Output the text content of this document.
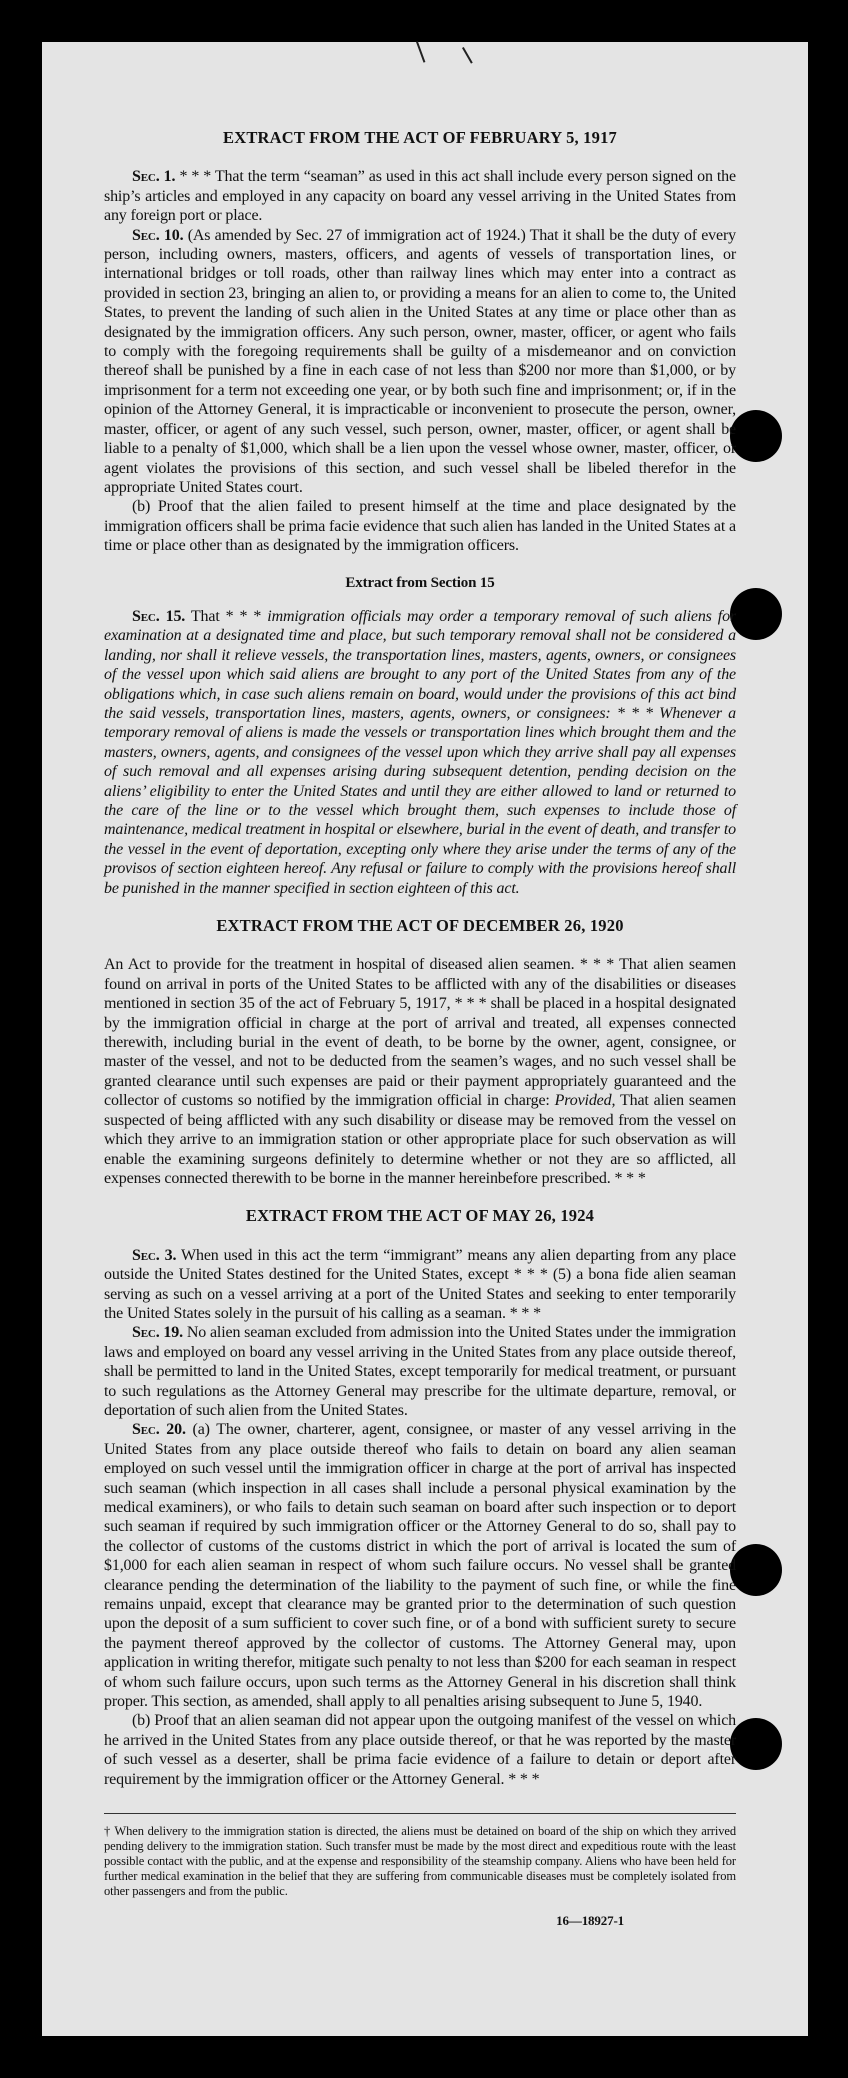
EXTRACT FROM THE ACT OF FEBRUARY 5, 1917

Sec. 1. * * * That the term “seaman” as used in this act shall include every person signed on the ship’s articles and employed in any capacity on board any vessel arriving in the United States from any foreign port or place.

Sec. 10. (As amended by Sec. 27 of immigration act of 1924.) That it shall be the duty of every person, including owners, masters, officers, and agents of vessels of transportation lines, or international bridges or toll roads, other than railway lines which may enter into a contract as provided in section 23, bringing an alien to, or providing a means for an alien to come to, the United States, to prevent the landing of such alien in the United States at any time or place other than as designated by the immigration officers. Any such person, owner, master, officer, or agent who fails to comply with the foregoing requirements shall be guilty of a misdemeanor and on conviction thereof shall be punished by a fine in each case of not less than $200 nor more than $1,000, or by imprisonment for a term not exceeding one year, or by both such fine and imprisonment; or, if in the opinion of the Attorney General, it is impracticable or inconvenient to prosecute the person, owner, master, officer, or agent of any such vessel, such person, owner, master, officer, or agent shall be liable to a penalty of $1,000, which shall be a lien upon the vessel whose owner, master, officer, or agent violates the provisions of this section, and such vessel shall be libeled therefor in the appropriate United States court.

(b) Proof that the alien failed to present himself at the time and place designated by the immigration officers shall be prima facie evidence that such alien has landed in the United States at a time or place other than as designated by the immigration officers.

Extract from Section 15

Sec. 15. That * * * immigration officials may order a temporary removal of such aliens for examination at a designated time and place, but such temporary removal shall not be considered a landing, nor shall it relieve vessels, the transportation lines, masters, agents, owners, or consignees of the vessel upon which said aliens are brought to any port of the United States from any of the obligations which, in case such aliens remain on board, would under the provisions of this act bind the said vessels, transportation lines, masters, agents, owners, or consignees: * * * Whenever a temporary removal of aliens is made the vessels or transportation lines which brought them and the masters, owners, agents, and consignees of the vessel upon which they arrive shall pay all expenses of such removal and all expenses arising during subsequent detention, pending decision on the aliens’ eligibility to enter the United States and until they are either allowed to land or returned to the care of the line or to the vessel which brought them, such expenses to include those of maintenance, medical treatment in hospital or elsewhere, burial in the event of death, and transfer to the vessel in the event of deportation, excepting only where they arise under the terms of any of the provisos of section eighteen hereof. Any refusal or failure to comply with the provisions hereof shall be punished in the manner specified in section eighteen of this act.

EXTRACT FROM THE ACT OF DECEMBER 26, 1920

An Act to provide for the treatment in hospital of diseased alien seamen. * * * That alien seamen found on arrival in ports of the United States to be afflicted with any of the disabilities or diseases mentioned in section 35 of the act of February 5, 1917, * * * shall be placed in a hospital designated by the immigration official in charge at the port of arrival and treated, all expenses connected therewith, including burial in the event of death, to be borne by the owner, agent, consignee, or master of the vessel, and not to be deducted from the seamen’s wages, and no such vessel shall be granted clearance until such expenses are paid or their payment appropriately guaranteed and the collector of customs so notified by the immigration official in charge: Provided, That alien seamen suspected of being afflicted with any such disability or disease may be removed from the vessel on which they arrive to an immigration station or other appropriate place for such observation as will enable the examining surgeons definitely to determine whether or not they are so afflicted, all expenses connected therewith to be borne in the manner hereinbefore prescribed. * * *

EXTRACT FROM THE ACT OF MAY 26, 1924

Sec. 3. When used in this act the term “immigrant” means any alien departing from any place outside the United States destined for the United States, except * * * (5) a bona fide alien seaman serving as such on a vessel arriving at a port of the United States and seeking to enter temporarily the United States solely in the pursuit of his calling as a seaman. * * *

Sec. 19. No alien seaman excluded from admission into the United States under the immigration laws and employed on board any vessel arriving in the United States from any place outside thereof, shall be permitted to land in the United States, except temporarily for medical treatment, or pursuant to such regulations as the Attorney General may prescribe for the ultimate departure, removal, or deportation of such alien from the United States.

Sec. 20. (a) The owner, charterer, agent, consignee, or master of any vessel arriving in the United States from any place outside thereof who fails to detain on board any alien seaman employed on such vessel until the immigration officer in charge at the port of arrival has inspected such seaman (which inspection in all cases shall include a personal physical examination by the medical examiners), or who fails to detain such seaman on board after such inspection or to deport such seaman if required by such immigration officer or the Attorney General to do so, shall pay to the collector of customs of the customs district in which the port of arrival is located the sum of $1,000 for each alien seaman in respect of whom such failure occurs. No vessel shall be granted clearance pending the determination of the liability to the payment of such fine, or while the fine remains unpaid, except that clearance may be granted prior to the determination of such question upon the deposit of a sum sufficient to cover such fine, or of a bond with sufficient surety to secure the payment thereof approved by the collector of customs. The Attorney General may, upon application in writing therefor, mitigate such penalty to not less than $200 for each seaman in respect of whom such failure occurs, upon such terms as the Attorney General in his discretion shall think proper. This section, as amended, shall apply to all penalties arising subsequent to June 5, 1940.

(b) Proof that an alien seaman did not appear upon the outgoing manifest of the vessel on which he arrived in the United States from any place outside thereof, or that he was reported by the master of such vessel as a deserter, shall be prima facie evidence of a failure to detain or deport after requirement by the immigration officer or the Attorney General. * * *

† When delivery to the immigration station is directed, the aliens must be detained on board of the ship on which they arrived pending delivery to the immigration station. Such transfer must be made by the most direct and expeditious route with the least possible contact with the public, and at the expense and responsibility of the steamship company. Aliens who have been held for further medical examination in the belief that they are suffering from communicable diseases must be completely isolated from other passengers and from the public.

16—18927-1
